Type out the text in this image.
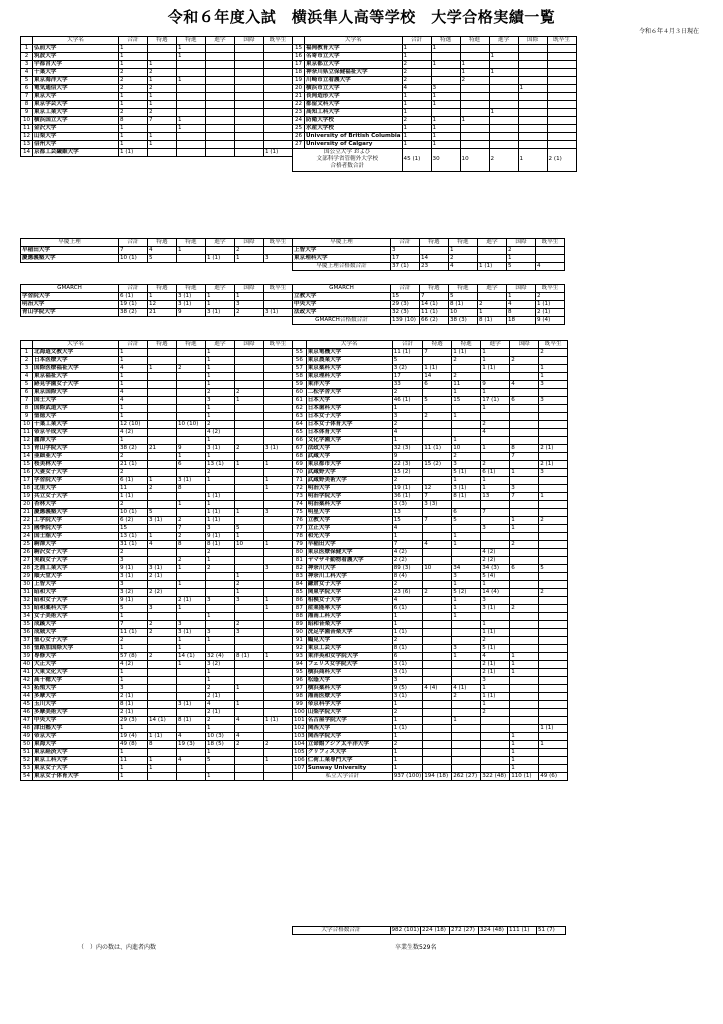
令和６年度入試　横浜隼人高等学校　大学合格実績一覧
令和６年４月３日現在
	大学名	合計	特選	特進	進学	国際	既卒生		大学名	合計	特選	特進	進学	国際	既卒生
1	弘前大学	1		1				15	福岡教育大学	1	1				
2	筑波大学	1		1				16	名寄市立大学	1			1		
3	宇都宮大学	1	1					17	東京都立大学	2	1	1			
4	千葉大学	2	2					18	神奈川県立保健福祉大学	2		1	1		
5	東京海洋大学	2	1	1				19	川崎市立看護大学	2		2			
6	電気通信大学	2	2					20	横浜市立大学	4	3			1	
7	東京大学	1	1					21	長岡造形大学	1	1				
8	東京学芸大学	1	1					22	都留文科大学	1	1				
9	東京工業大学	2	2					23	高知工科大学	1			1		
10	横浜国立大学	8	7	1				24	防衛大学校	2	1	1			
11	金沢大学	1		1				25	水産大学校	1	1				
12	山梨大学	1	1					26	University of British Columbia	1	1				
13	信州大学	1	1					27	University of Calgary	1	1				
14	京都工芸繊維大学	1 (1)					1 (1)	国公立大学 および
文部科学省管轄外大学校
合格者数合計		45 (1)	30	10	2	1	2 (1)

早慶上理	合計	特選	特進	進学	国際	既卒生	早慶上理	合計	特選	特進	進学	国際	既卒生
早稲田大学	7	4	1		2		上智大学	3		1		2	
慶應義塾大学	10 (1)	5		1 (1)	1	3	東京理科大学	17	14	2		1	
							早慶上理合格数合計	37 (1)	23	4	1 (1)	5	4
GMARCH	合計	特選	特進	進学	国際	既卒生	GMARCH	合計	特選	特進	進学	国際	既卒生
学習院大学	6 (1)	1	3 (1)	1	1		立教大学	15	7	5		1	2
明治大学	19 (1)	12	3 (1)	1	3		中央大学	29 (3)	14 (1)	8 (1)	2	4	1 (1)
青山学院大学	38 (2)	21	9	3 (1)	2	3 (1)	法政大学	32 (3)	11 (1)	10	1	8	2 (1)
							GMARCH合格数合計	139 (10)	66 (2)	38 (3)	8 (1)	18	9 (4)
	大学名	合計	特選	特進	進学	国際	既卒生		大学名	合計	特選	特進	進学	国際	既卒生
1	北海道文教大学	1			1			55	東京電機大学	11 (1)	7	1 (1)	1		2
2	日本医療大学	1			1			56	東京農業大学	5		2	1	2	
3	国際医療福祉大学	4	1	2	1			57	東京薬科大学	3 (2)	1 (1)		1 (1)		1
4	東京福祉大学	1			1			58	東京理科大学	17	14	2			1
5	跡見学園女子大学	1			1			59	東洋大学	33	6	11	9	4	3
6	東京国際大学	4			2	2		60	二松学舎大学	2		1	1		
7	国士大学	4			3	1		61	日本大学	46 (1)	5	15	17 (1)	6	3
8	国際武道大学	1			1			62	日本歯科大学	1			1		
9	聖徳大学	1			1			63	日本女子大学	3	2	1			
10	千葉工業大学	12 (10)		10 (10)	2			64	日本女子体育大学	2			2		
11	帝京平成大学	4 (2)			4 (2)			65	日本体育大学	4			4		
12	麗澤大学	1			1			66	文化学園大学	1		1			
13	青山学院大学	38 (2)	21	9	3 (1)	2	3 (1)	67	法政大学	32 (3)	11 (1)	10	1	8	2 (1)
14	亜細亜大学	2		1	1			68	武蔵大学	9		2		7	
15	桜美林大学	21 (1)		6	13 (1)	1	1	69	東京都市大学	22 (3)	15 (2)	3	2		2 (1)
16	大妻女子大学	2			2			70	武蔵野大学	15 (2)		5 (1)	6 (1)	1	3
17	学習院大学	6 (1)	1	3 (1)	1		1	71	武蔵野美術大学	2		1	1		
18	北里大学	11	2	8			1	72	明治大学	19 (1)	12	3 (1)	1	3	
19	共立女子大学	1 (1)			1 (1)			73	明治学院大学	36 (1)	7	8 (1)	13	7	1
20	杏林大学	2		1	1			74	明治薬科大学	3 (3)	3 (3)				
21	慶應義塾大学	10 (1)	5		1 (1)	1	3	75	明星大学	13		6	7		
22	工学院大学	6 (2)	3 (1)	2	1 (1)			76	立教大学	15	7	5		1	2
23	國學院大学	15		7	3	5		77	立正大学	4			3	1	
24	国士舘大学	13 (1)	1	2	9 (1)	1		78	和光大学	1		1			
25	駒澤大学	31 (1)	4	8	8 (1)	10	1	79	早稲田大学	7	4	1		2	
26	駒沢女子大学	2			2			80	東京医療保健大学	4 (2)			4 (2)		
27	実践女子大学	3		2	1			81	ヤマザキ動物看護大学	2 (2)			2 (2)		
28	芝浦工業大学	9 (1)	3 (1)	1	2		3	82	神奈川大学	89 (3)	10	34	34 (3)	6	5
29	順天堂大学	3 (1)	2 (1)			1		83	神奈川工科大学	8 (4)		3	5 (4)		
30	上智大学	3		1		2		84	鎌倉女子大学	2		1	1		
31	昭和大学	3 (2)	2 (2)			1		85	関東学院大学	23 (6)	2	5 (2)	14 (4)		2
32	昭和女子大学	9 (1)		2 (1)	3	3	1	86	相模女子大学	4		1	3		
33	昭和薬科大学	5	3	1			1	87	産業能率大学	6 (1)		1	3 (1)	2	
34	女子美術大学	1			1			88	湘南工科大学	1		1			
35	成蹊大学	7	2	3		2		89	昭和音楽大学	1			1		
36	成城大学	11 (1)	2	3 (1)	3	3		90	洗足学園音楽大学	1 (1)			1 (1)		
37	聖心女子大学	2		1	1			91	鶴見大学	2			2		
38	聖路加国際大学	1		1				92	東京工芸大学	8 (1)		3	5 (1)		
39	専修大学	57 (8)	2	14 (1)	32 (4)	8 (1)	1	93	東洋英和女学院大学	6		1	4	1	
40	大正大学	4 (2)		1	3 (2)			94	フェリス女学院大学	3 (1)			2 (1)	1	
41	大東文化大学	1			1			95	横浜商科大学	3 (1)			2 (1)	1	
42	高千穂大学	1			1			96	松蔭大学	3			3		
43	拓殖大学	3			2	1		97	横浜薬科大学	9 (5)	4 (4)	4 (1)	1		
44	多摩大学	2 (1)			2 (1)			98	湘南医療大学	3 (1)		2	1 (1)		
45	玉川大学	8 (1)		3 (1)	4	1		99	帝京科学大学	1			1		
46	多摩美術大学	2 (1)			2 (1)			100	山梨学院大学	2			2		
47	中央大学	29 (3)	14 (1)	8 (1)	2	4	1 (1)	101	名古屋学院大学	1		1			
48	津田塾大学	1			1			102	関西大学	1 (1)					1 (1)
49	帝京大学	19 (4)	1 (1)	4	10 (3)	4		103	関西学院大学	1				1	
50	東海大学	49 (8)	8	19 (3)	18 (5)	2	2	104	立命館アジア太平洋大学	2				1	1
51	東京経済大学	1			1			105	グリフィス大学	1				1	
52	東京工科大学	11	1	4	5		1	106	仁荷工業専門大学	1				1	
53	東京女子大学	1	1					107	Sunway University	1				1	
54	東京女子体育大学	1			1			私立大学合計		937 (100)	194 (18)	262 (27)	322 (48)	110 (1)	49 (6)
	大学合格数合計	982 (101)	224 (18)	272 (27)	324 (48)	111 (1)	51 (7)
（　）内の数は、内進者内数	卒業生数529名
